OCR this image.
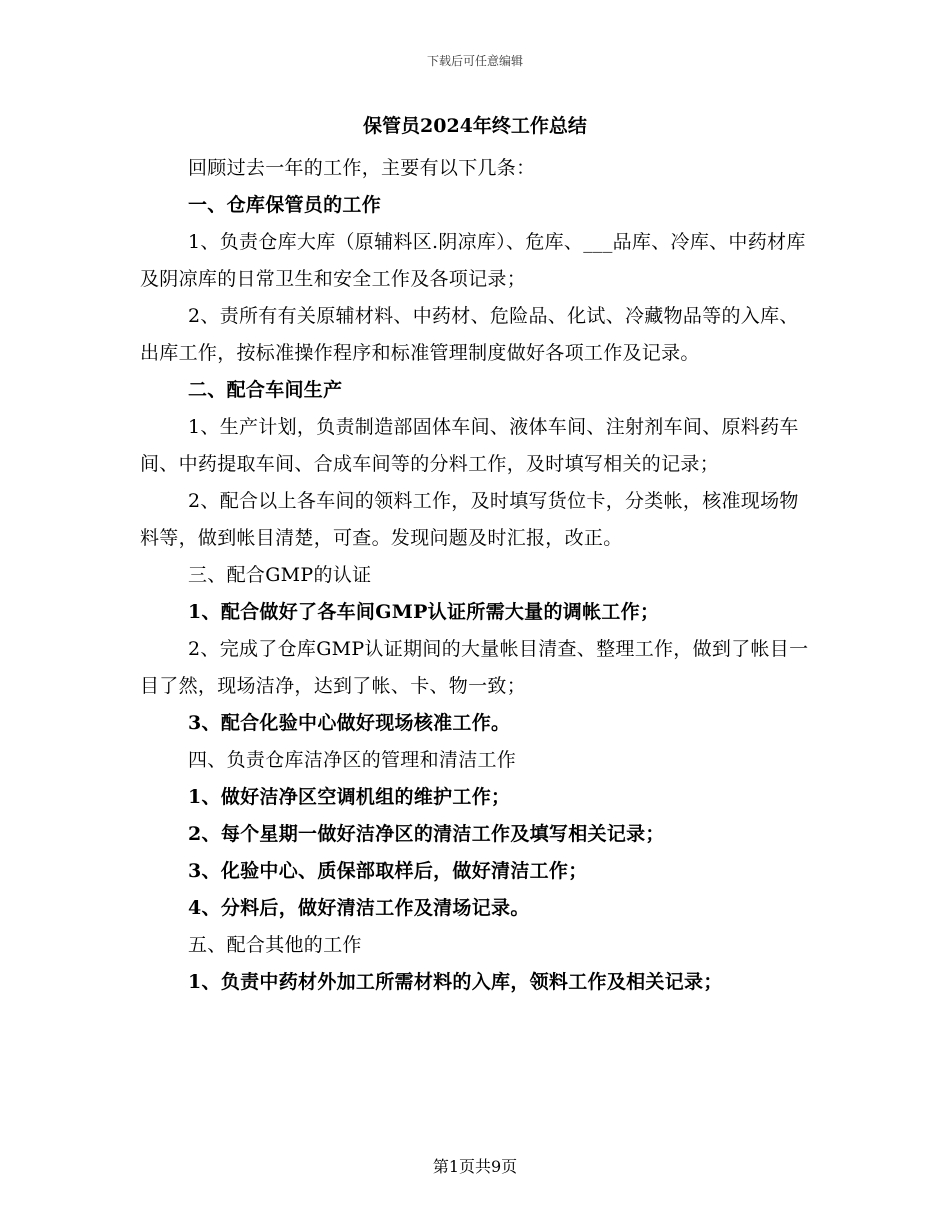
下载后可任意编辑
保管员2024年终工作总结

回顾过去一年的工作，主要有以下几条：

一、仓库保管员的工作

1、负责仓库大库（原辅料区.阴凉库）、危库、___品库、冷库、中药材库及阴凉库的日常卫生和安全工作及各项记录；

2、责所有有关原辅材料、中药材、危险品、化试、冷藏物品等的入库、出库工作，按标准操作程序和标准管理制度做好各项工作及记录。

二、配合车间生产

1、生产计划，负责制造部固体车间、液体车间、注射剂车间、原料药车间、中药提取车间、合成车间等的分料工作，及时填写相关的记录；

2、配合以上各车间的领料工作，及时填写货位卡，分类帐，核准现场物料等，做到帐目清楚，可查。发现问题及时汇报，改正。

三、配合GMP的认证

1、配合做好了各车间GMP认证所需大量的调帐工作；

2、完成了仓库GMP认证期间的大量帐目清查、整理工作，做到了帐目一目了然，现场洁净，达到了帐、卡、物一致；

3、配合化验中心做好现场核准工作。

四、负责仓库洁净区的管理和清洁工作

1、做好洁净区空调机组的维护工作；

2、每个星期一做好洁净区的清洁工作及填写相关记录；

3、化验中心、质保部取样后，做好清洁工作；

4、分料后，做好清洁工作及清场记录。

五、配合其他的工作

1、负责中药材外加工所需材料的入库，领料工作及相关记录；

第1页共9页
